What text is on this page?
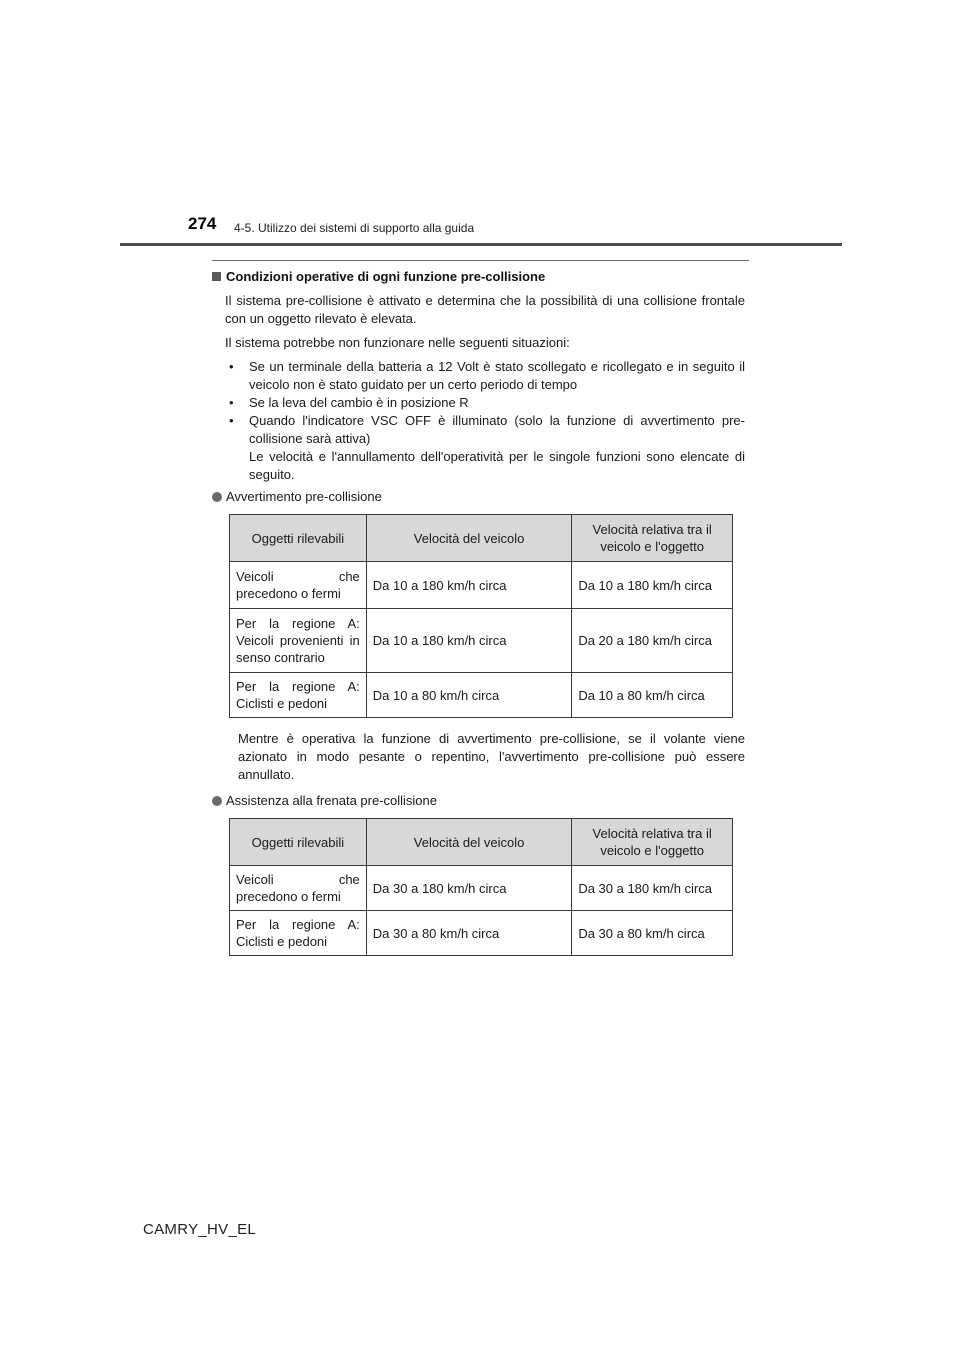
274 4-5. Utilizzo dei sistemi di supporto alla guida
Condizioni operative di ogni funzione pre-collisione

Il sistema pre-collisione è attivato e determina che la possibilità di una collisione frontale con un oggetto rilevato è elevata.

Il sistema potrebbe non funzionare nelle seguenti situazioni:

• Se un terminale della batteria a 12 Volt è stato scollegato e ricollegato e in seguito il veicolo non è stato guidato per un certo periodo di tempo
• Se la leva del cambio è in posizione R
• Quando l'indicatore VSC OFF è illuminato (solo la funzione di avvertimento pre-collisione sarà attiva)
Le velocità e l'annullamento dell'operatività per le singole funzioni sono elencate di seguito.
Avvertimento pre-collisione
Oggetti rilevabili	Velocità del veicolo	Velocità relativa tra il veicolo e l'oggetto
Veicoli che precedono o fermi	Da 10 a 180 km/h circa	Da 10 a 180 km/h circa
Per la regione A: Veicoli provenienti in senso contrario	Da 10 a 180 km/h circa	Da 20 a 180 km/h circa
Per la regione A: Ciclisti e pedoni	Da 10 a 80 km/h circa	Da 10 a 80 km/h circa

Mentre è operativa la funzione di avvertimento pre-collisione, se il volante viene azionato in modo pesante o repentino, l'avvertimento pre-collisione può essere annullato.

Assistenza alla frenata pre-collisione
Oggetti rilevabili	Velocità del veicolo	Velocità relativa tra il veicolo e l'oggetto
Veicoli che precedono o fermi	Da 30 a 180 km/h circa	Da 30 a 180 km/h circa
Per la regione A: Ciclisti e pedoni	Da 30 a 80 km/h circa	Da 30 a 80 km/h circa
CAMRY_HV_EL
